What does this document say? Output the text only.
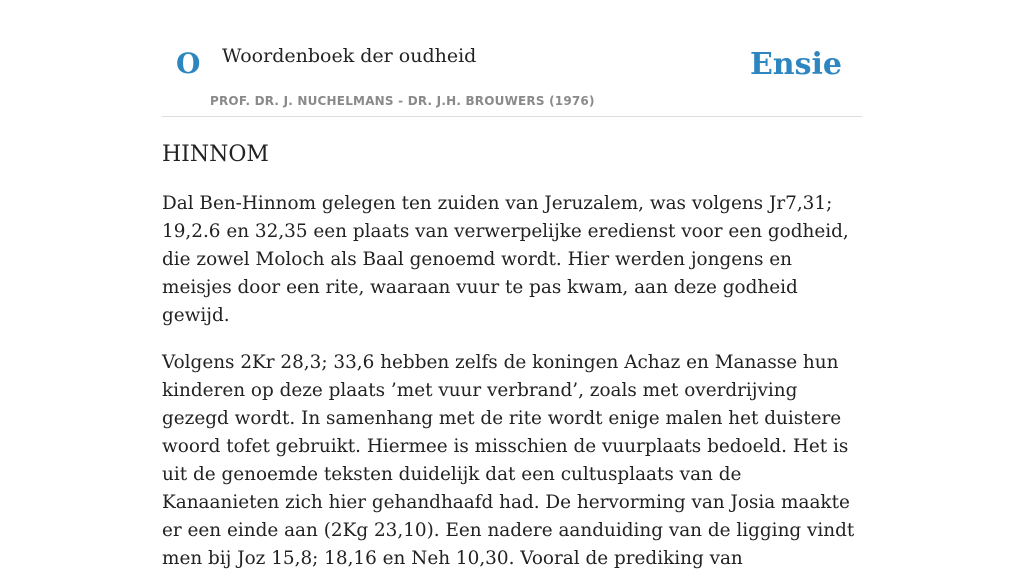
O Woordenboek der oudheid
PROF. DR. J. NUCHELMANS - DR. J.H. BROUWERS (1976)
Ensie
HINNOM

Dal Ben-Hinnom gelegen ten zuiden van Jeruzalem, was volgens Jr7,31; 19,2.6 en 32,35 een plaats van verwerpelijke eredienst voor een godheid, die zowel Moloch als Baal genoemd wordt. Hier werden jongens en meisjes door een rite, waaraan vuur te pas kwam, aan deze godheid gewijd.

Volgens 2Kr 28,3; 33,6 hebben zelfs de koningen Achaz en Manasse hun kinderen op deze plaats ’met vuur verbrand’, zoals met overdrijving gezegd wordt. In samenhang met de rite wordt enige malen het duistere woord tofet gebruikt. Hiermee is misschien de vuurplaats bedoeld. Het is uit de genoemde teksten duidelijk dat een cultusplaats van de Kanaanieten zich hier gehandhaafd had. De hervorming van Josia maakte er een einde aan (2Kg 23,10). Een nadere aanduiding van de ligging vindt men bij Joz 15,8; 18,16 en Neh 10,30. Vooral de prediking van
